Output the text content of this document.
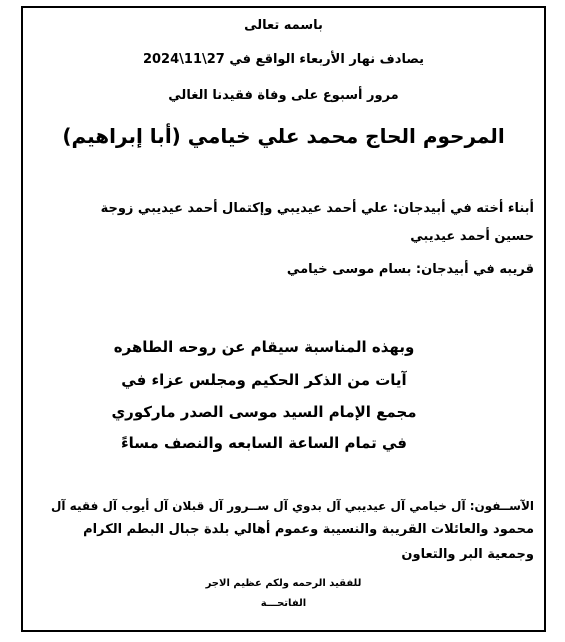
باسمه تعالى
يصادف نهار الأربعاء الواقع في 27\11\2024
مرور أسبوع على وفاة فقيدنا الغالي
المرحوم الحاج محمد علي خيامي (أبا إبراهيم)
أبناء أخته في أبيدجان: علي أحمد عيديبي وإكتمال أحمد عيديبي زوجة
حسين أحمد عيديبي
قريبه في أبيدجان: بسام موسى خيامي
وبهذه المناسبة سيقام عن روحه الطاهره
آيات من الذكر الحكيم ومجلس عزاء في
مجمع الإمام السيد موسى الصدر ماركوري
في تمام الساعة السابعه والنصف مساءً
الآســفون: آل خيامي آل عيديبي آل بدوي آل ســرور آل قبلان آل أيوب آل فقيه آل
محمود والعائلات القريبة والنسيبة وعموم أهالي بلدة جبال البطم الكرام
وجمعية البر والتعاون
للفقيد الرحمه ولكم عظيم الاجر
الفاتحـــة
